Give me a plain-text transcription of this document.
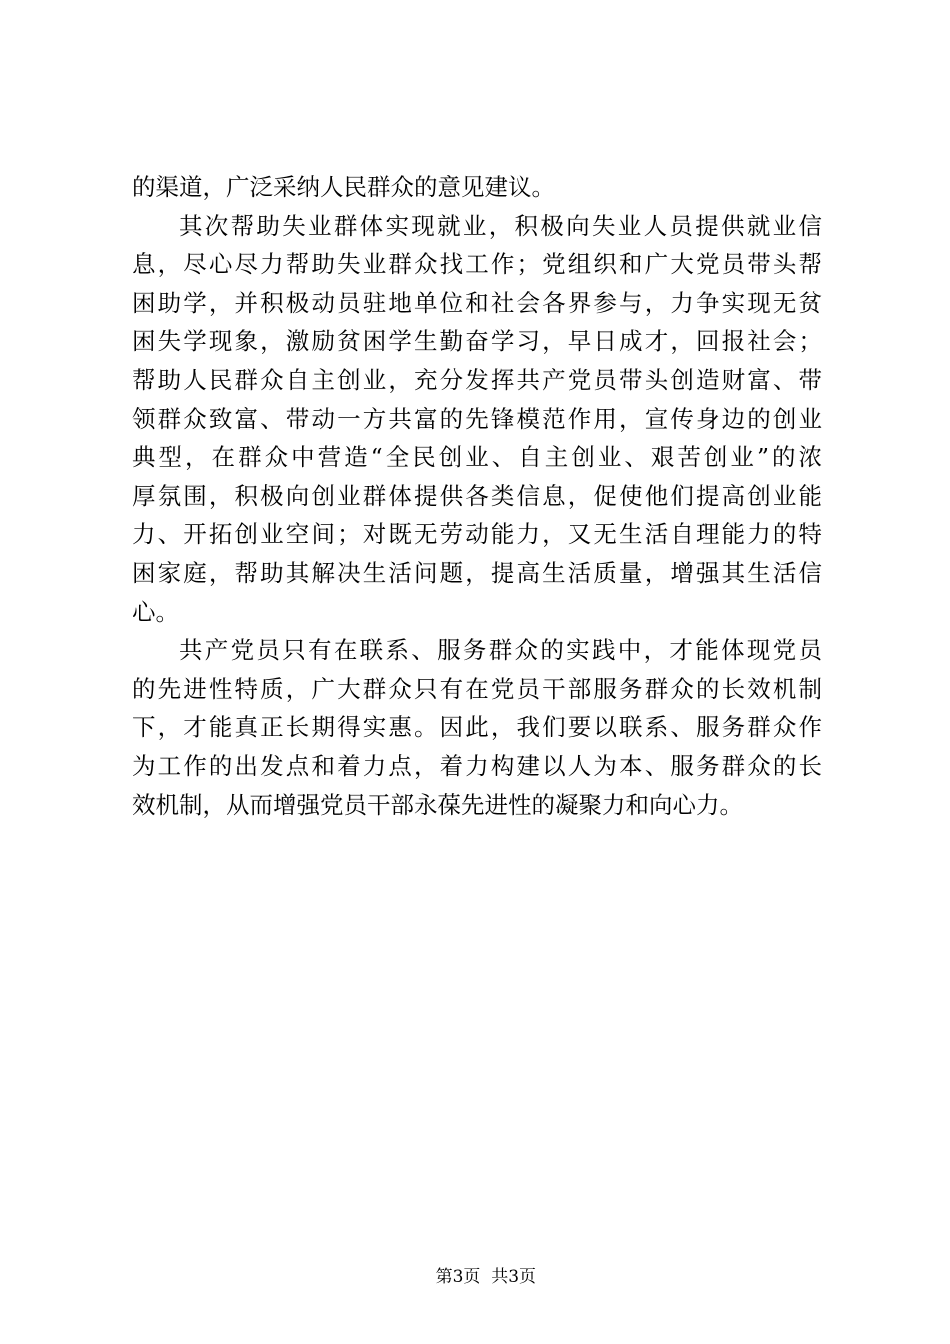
的渠道，广泛采纳人民群众的意见建议。
其次帮助失业群体实现就业，积极向失业人员提供就业信
息，尽心尽力帮助失业群众找工作；党组织和广大党员带头帮
困助学，并积极动员驻地单位和社会各界参与，力争实现无贫
困失学现象，激励贫困学生勤奋学习，早日成才，回报社会；
帮助人民群众自主创业，充分发挥共产党员带头创造财富、带
领群众致富、带动一方共富的先锋模范作用，宣传身边的创业
典型，在群众中营造“全民创业、自主创业、艰苦创业”的浓
厚氛围，积极向创业群体提供各类信息，促使他们提高创业能
力、开拓创业空间；对既无劳动能力，又无生活自理能力的特
困家庭，帮助其解决生活问题，提高生活质量，增强其生活信
心。
共产党员只有在联系、服务群众的实践中，才能体现党员
的先进性特质，广大群众只有在党员干部服务群众的长效机制
下，才能真正长期得实惠。因此，我们要以联系、服务群众作
为工作的出发点和着力点，着力构建以人为本、服务群众的长
效机制，从而增强党员干部永葆先进性的凝聚力和向心力。

第3页  共3页
